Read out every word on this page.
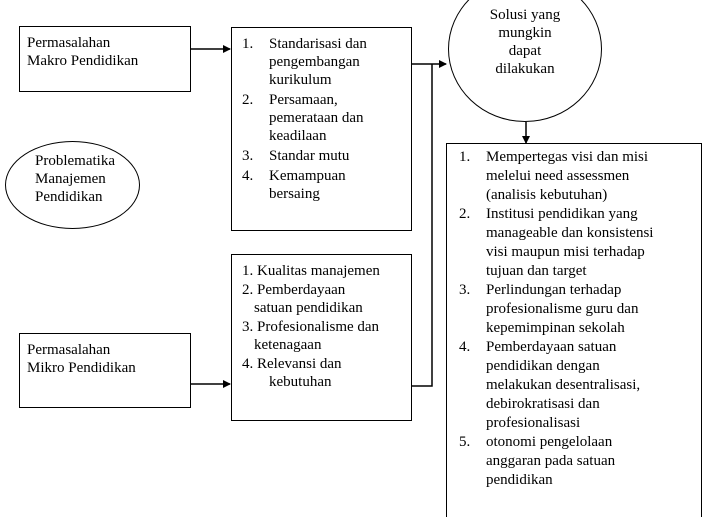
Permasalahan
Makro Pendidikan
Permasalahan
Mikro Pendidikan
Problematika
Manajemen
Pendidikan
1. Standarisasi dan
pengembangan
kurikulum
2. Persamaan,
pemerataan dan
keadilaan
3. Standar mutu
4. Kemampuan
bersaing
1. Kualitas manajemen
2. Pemberdayaan
satuan pendidikan
3. Profesionalisme dan
ketenagaan
4. Relevansi dan
kebutuhan
Solusi yang
mungkin
dapat
dilakukan
1. Mempertegas visi dan misi
melelui need assessmen
(analisis kebutuhan)
2. Institusi pendidikan yang
manageable dan konsistensi
visi maupun misi terhadap
tujuan dan target
3. Perlindungan terhadap
profesionalisme guru dan
kepemimpinan sekolah
4. Pemberdayaan satuan
pendidikan dengan
melakukan desentralisasi,
debirokratisasi dan
profesionalisasi
5. otonomi pengelolaan
anggaran pada satuan
pendidikan
